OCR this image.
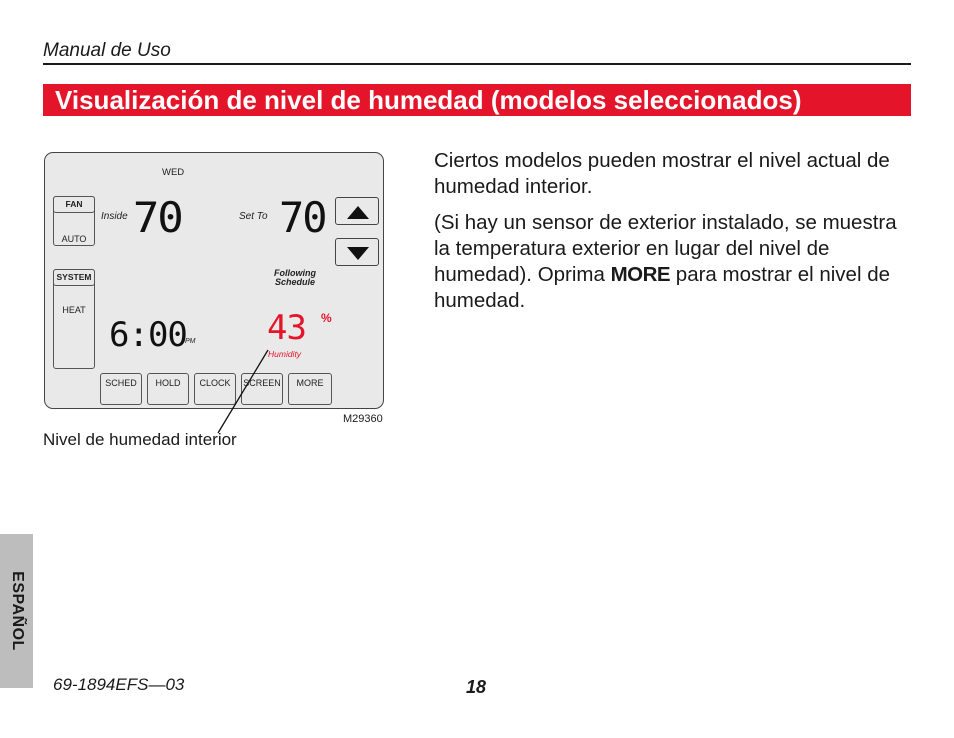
Manual de Uso
Visualización de nivel de humedad (modelos seleccionados)
WED
FAN
AUTO
SYSTEM
HEAT
Inside 70	Set To 70
Following
Schedule
6:00
PM 43 %
Humidity
SCHED	HOLD	CLOCK	SCREEN	MORE
M29360
Nivel de humedad interior

Ciertos modelos pueden mostrar el nivel actual de humedad interior.

(Si hay un sensor de exterior instalado, se muestra la temperatura exterior en lugar del nivel de humedad). Oprima MORE para mostrar el nivel de humedad.

ESPAÑOL
69-1894EFS—03	18
